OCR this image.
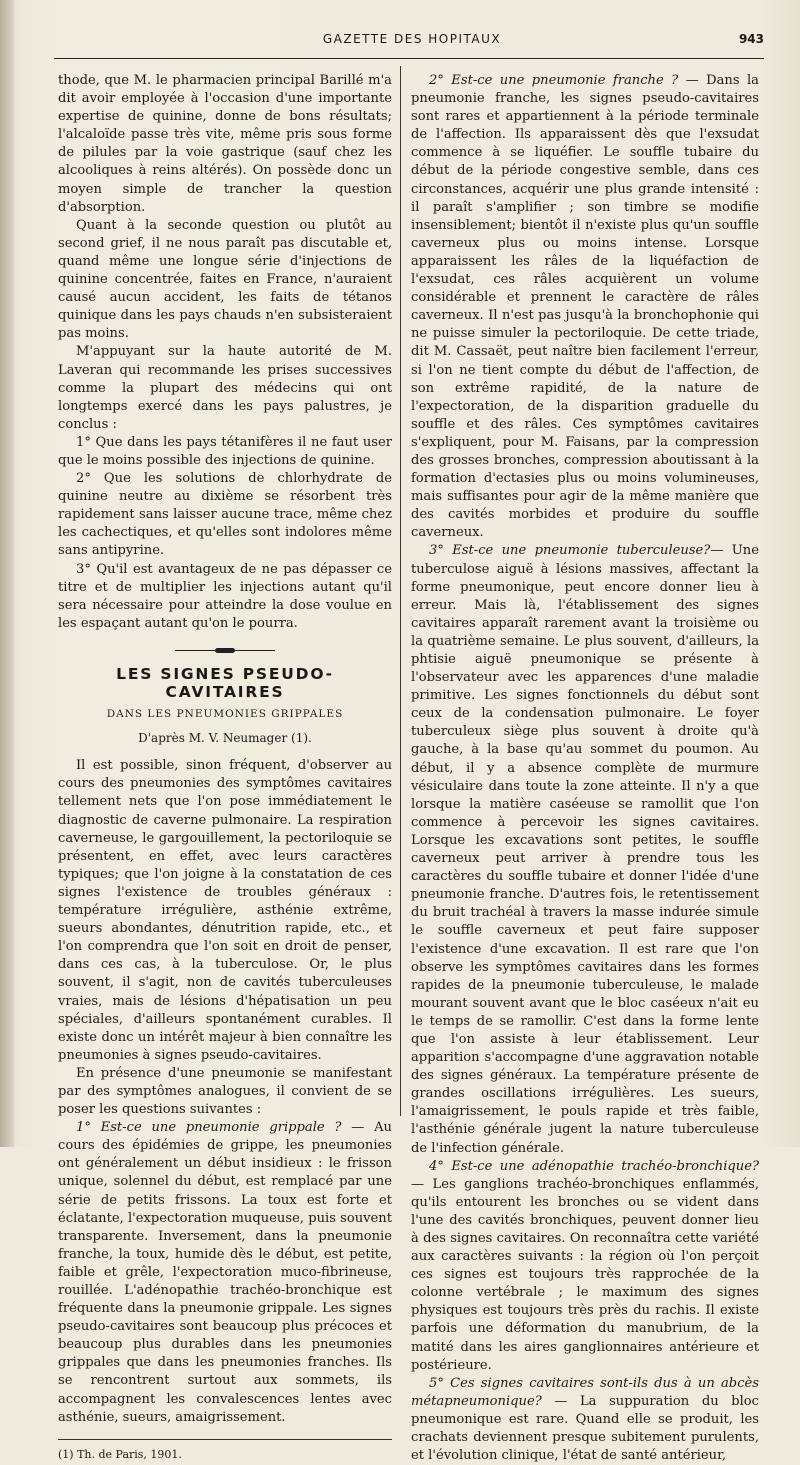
GAZETTE DES HOPITAUX	943

thode, que M. le pharmacien principal Barillé m'a dit avoir employée à l'occasion d'une importante expertise de quinine, donne de bons résultats; l'alcaloïde passe très vite, même pris sous forme de pilules par la voie gastrique (sauf chez les alcooliques à reins altérés). On possède donc un moyen simple de trancher la question d'absorption.

Quant à la seconde question ou plutôt au second grief, il ne nous paraît pas discutable et, quand même une longue série d'injections de quinine concentrée, faites en France, n'auraient causé aucun accident, les faits de tétanos quinique dans les pays chauds n'en subsisteraient pas moins.

M'appuyant sur la haute autorité de M. Laveran qui recommande les prises successives comme la plupart des médecins qui ont longtemps exercé dans les pays palustres, je conclus :

1° Que dans les pays tétanifères il ne faut user que le moins possible des injections de quinine.

2° Que les solutions de chlorhydrate de quinine neutre au dixième se résorbent très rapidement sans laisser aucune trace, même chez les cachectiques, et qu'elles sont indolores même sans antipyrine.

3° Qu'il est avantageux de ne pas dépasser ce titre et de multiplier les injections autant qu'il sera nécessaire pour atteindre la dose voulue en les espaçant autant qu'on le pourra.

LES SIGNES PSEUDO-CAVITAIRES
DANS LES PNEUMONIES GRIPPALES
D'après M. V. Neumager (1).

Il est possible, sinon fréquent, d'observer au cours des pneumonies des symptômes cavitaires tellement nets que l'on pose immédiatement le diagnostic de caverne pulmonaire. La respiration caverneuse, le gargouillement, la pectoriloquie se présentent, en effet, avec leurs caractères typiques; que l'on joigne à la constatation de ces signes l'existence de troubles généraux : température irrégulière, asthénie extrême, sueurs abondantes, dénutrition rapide, etc., et l'on comprendra que l'on soit en droit de penser, dans ces cas, à la tuberculose. Or, le plus souvent, il s'agit, non de cavités tuberculeuses vraies, mais de lésions d'hépatisation un peu spéciales, d'ailleurs spontanément curables. Il existe donc un intérêt majeur à bien connaître les pneumonies à signes pseudo-cavitaires.

En présence d'une pneumonie se manifestant par des symptômes analogues, il convient de se poser les questions suivantes :

1° Est-ce une pneumonie grippale ? — Au cours des épidémies de grippe, les pneumonies ont généralement un début insidieux : le frisson unique, solennel du début, est remplacé par une série de petits frissons. La toux est forte et éclatante, l'expectoration muqueuse, puis souvent transparente. Inversement, dans la pneumonie franche, la toux, humide dès le début, est petite, faible et grêle, l'expectoration muco-fibrineuse, rouillée. L'adénopathie trachéo-bronchique est fréquente dans la pneumonie grippale. Les signes pseudo-cavitaires sont beaucoup plus précoces et beaucoup plus durables dans les pneumonies grippales que dans les pneumonies franches. Ils se rencontrent surtout aux sommets, ils accompagnent les convalescences lentes avec asthénie, sueurs, amaigrissement.

(1) Th. de Paris, 1901.

2° Est-ce une pneumonie franche ? — Dans la pneumonie franche, les signes pseudo-cavitaires sont rares et appartiennent à la période terminale de l'affection. Ils apparaissent dès que l'exsudat commence à se liquéfier. Le souffle tubaire du début de la période congestive semble, dans ces circonstances, acquérir une plus grande intensité : il paraît s'amplifier ; son timbre se modifie insensiblement; bientôt il n'existe plus qu'un souffle caverneux plus ou moins intense. Lorsque apparaissent les râles de la liquéfaction de l'exsudat, ces râles acquièrent un volume considérable et prennent le caractère de râles caverneux. Il n'est pas jusqu'à la bronchophonie qui ne puisse simuler la pectoriloquie. De cette triade, dit M. Cassaët, peut naître bien facilement l'erreur, si l'on ne tient compte du début de l'affection, de son extrême rapidité, de la nature de l'expectoration, de la disparition graduelle du souffle et des râles. Ces symptômes cavitaires s'expliquent, pour M. Faisans, par la compression des grosses bronches, compression aboutissant à la formation d'ectasies plus ou moins volumineuses, mais suffisantes pour agir de la même manière que des cavités morbides et produire du souffle caverneux.

3° Est-ce une pneumonie tuberculeuse?— Une tuberculose aiguë à lésions massives, affectant la forme pneumonique, peut encore donner lieu à erreur. Mais là, l'établissement des signes cavitaires apparaît rarement avant la troisième ou la quatrième semaine. Le plus souvent, d'ailleurs, la phtisie aiguë pneumonique se présente à l'observateur avec les apparences d'une maladie primitive. Les signes fonctionnels du début sont ceux de la condensation pulmonaire. Le foyer tuberculeux siège plus souvent à droite qu'à gauche, à la base qu'au sommet du poumon. Au début, il y a absence complète de murmure vésiculaire dans toute la zone atteinte. Il n'y a que lorsque la matière caséeuse se ramollit que l'on commence à percevoir les signes cavitaires. Lorsque les excavations sont petites, le souffle caverneux peut arriver à prendre tous les caractères du souffle tubaire et donner l'idée d'une pneumonie franche. D'autres fois, le retentissement du bruit trachéal à travers la masse indurée simule le souffle caverneux et peut faire supposer l'existence d'une excavation. Il est rare que l'on observe les symptômes cavitaires dans les formes rapides de la pneumonie tuberculeuse, le malade mourant souvent avant que le bloc caséeux n'ait eu le temps de se ramollir. C'est dans la forme lente que l'on assiste à leur établissement. Leur apparition s'accompagne d'une aggravation notable des signes généraux. La température présente de grandes oscillations irrégulières. Les sueurs, l'amaigrissement, le pouls rapide et très faible, l'asthénie générale jugent la nature tuberculeuse de l'infection générale.

4° Est-ce une adénopathie trachéo-bronchique? — Les ganglions trachéo-bronchiques enflammés, qu'ils entourent les bronches ou se vident dans l'une des cavités bronchiques, peuvent donner lieu à des signes cavitaires. On reconnaîtra cette variété aux caractères suivants : la région où l'on perçoit ces signes est toujours très rapprochée de la colonne vertébrale ; le maximum des signes physiques est toujours très près du rachis. Il existe parfois une déformation du manubrium, de la matité dans les aires ganglionnaires antérieure et postérieure.

5° Ces signes cavitaires sont-ils dus à un abcès métapneumonique? — La suppuration du bloc pneumonique est rare. Quand elle se produit, les crachats deviennent presque subitement purulents, et l'évolution clinique, l'état de santé antérieur,
